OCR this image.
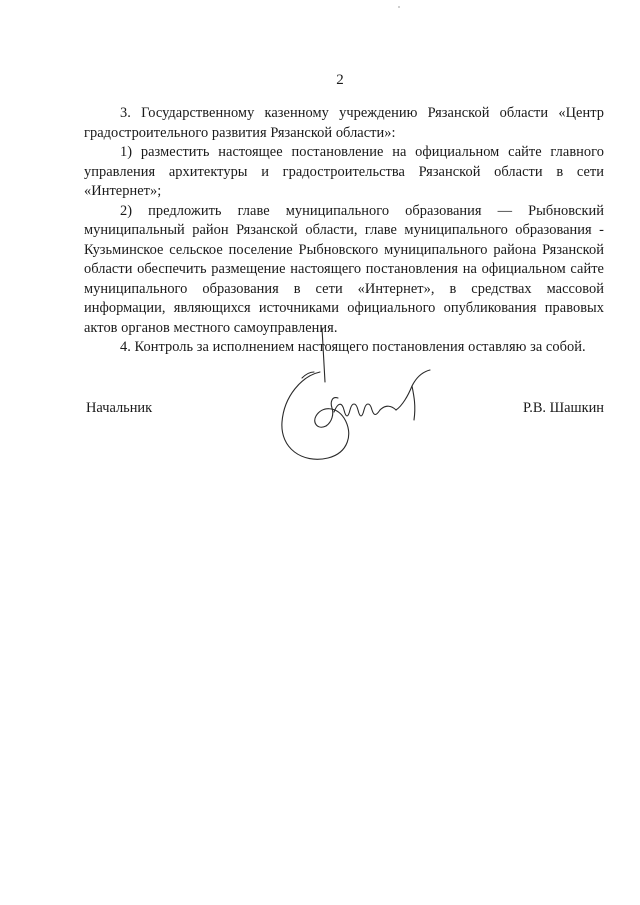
2

3. Государственному казенному учреждению Рязанской области «Центр градостроительного развития Рязанской области»:

1) разместить настоящее постановление на официальном сайте главного управления архитектуры и градостроительства Рязанской области в сети «Интернет»;

2) предложить главе муниципального образования — Рыбновский муниципальный район Рязанской области, главе муниципального образования - Кузьминское сельское поселение Рыбновского муниципального района Рязанской области обеспечить размещение настоящего постановления на официальном сайте муниципального образования в сети «Интернет», в средствах массовой информации, являющихся источниками официального опубликования правовых актов органов местного самоуправления.

4. Контроль за исполнением настоящего постановления оставляю за собой.

Начальник	Р.В. Шашкин
